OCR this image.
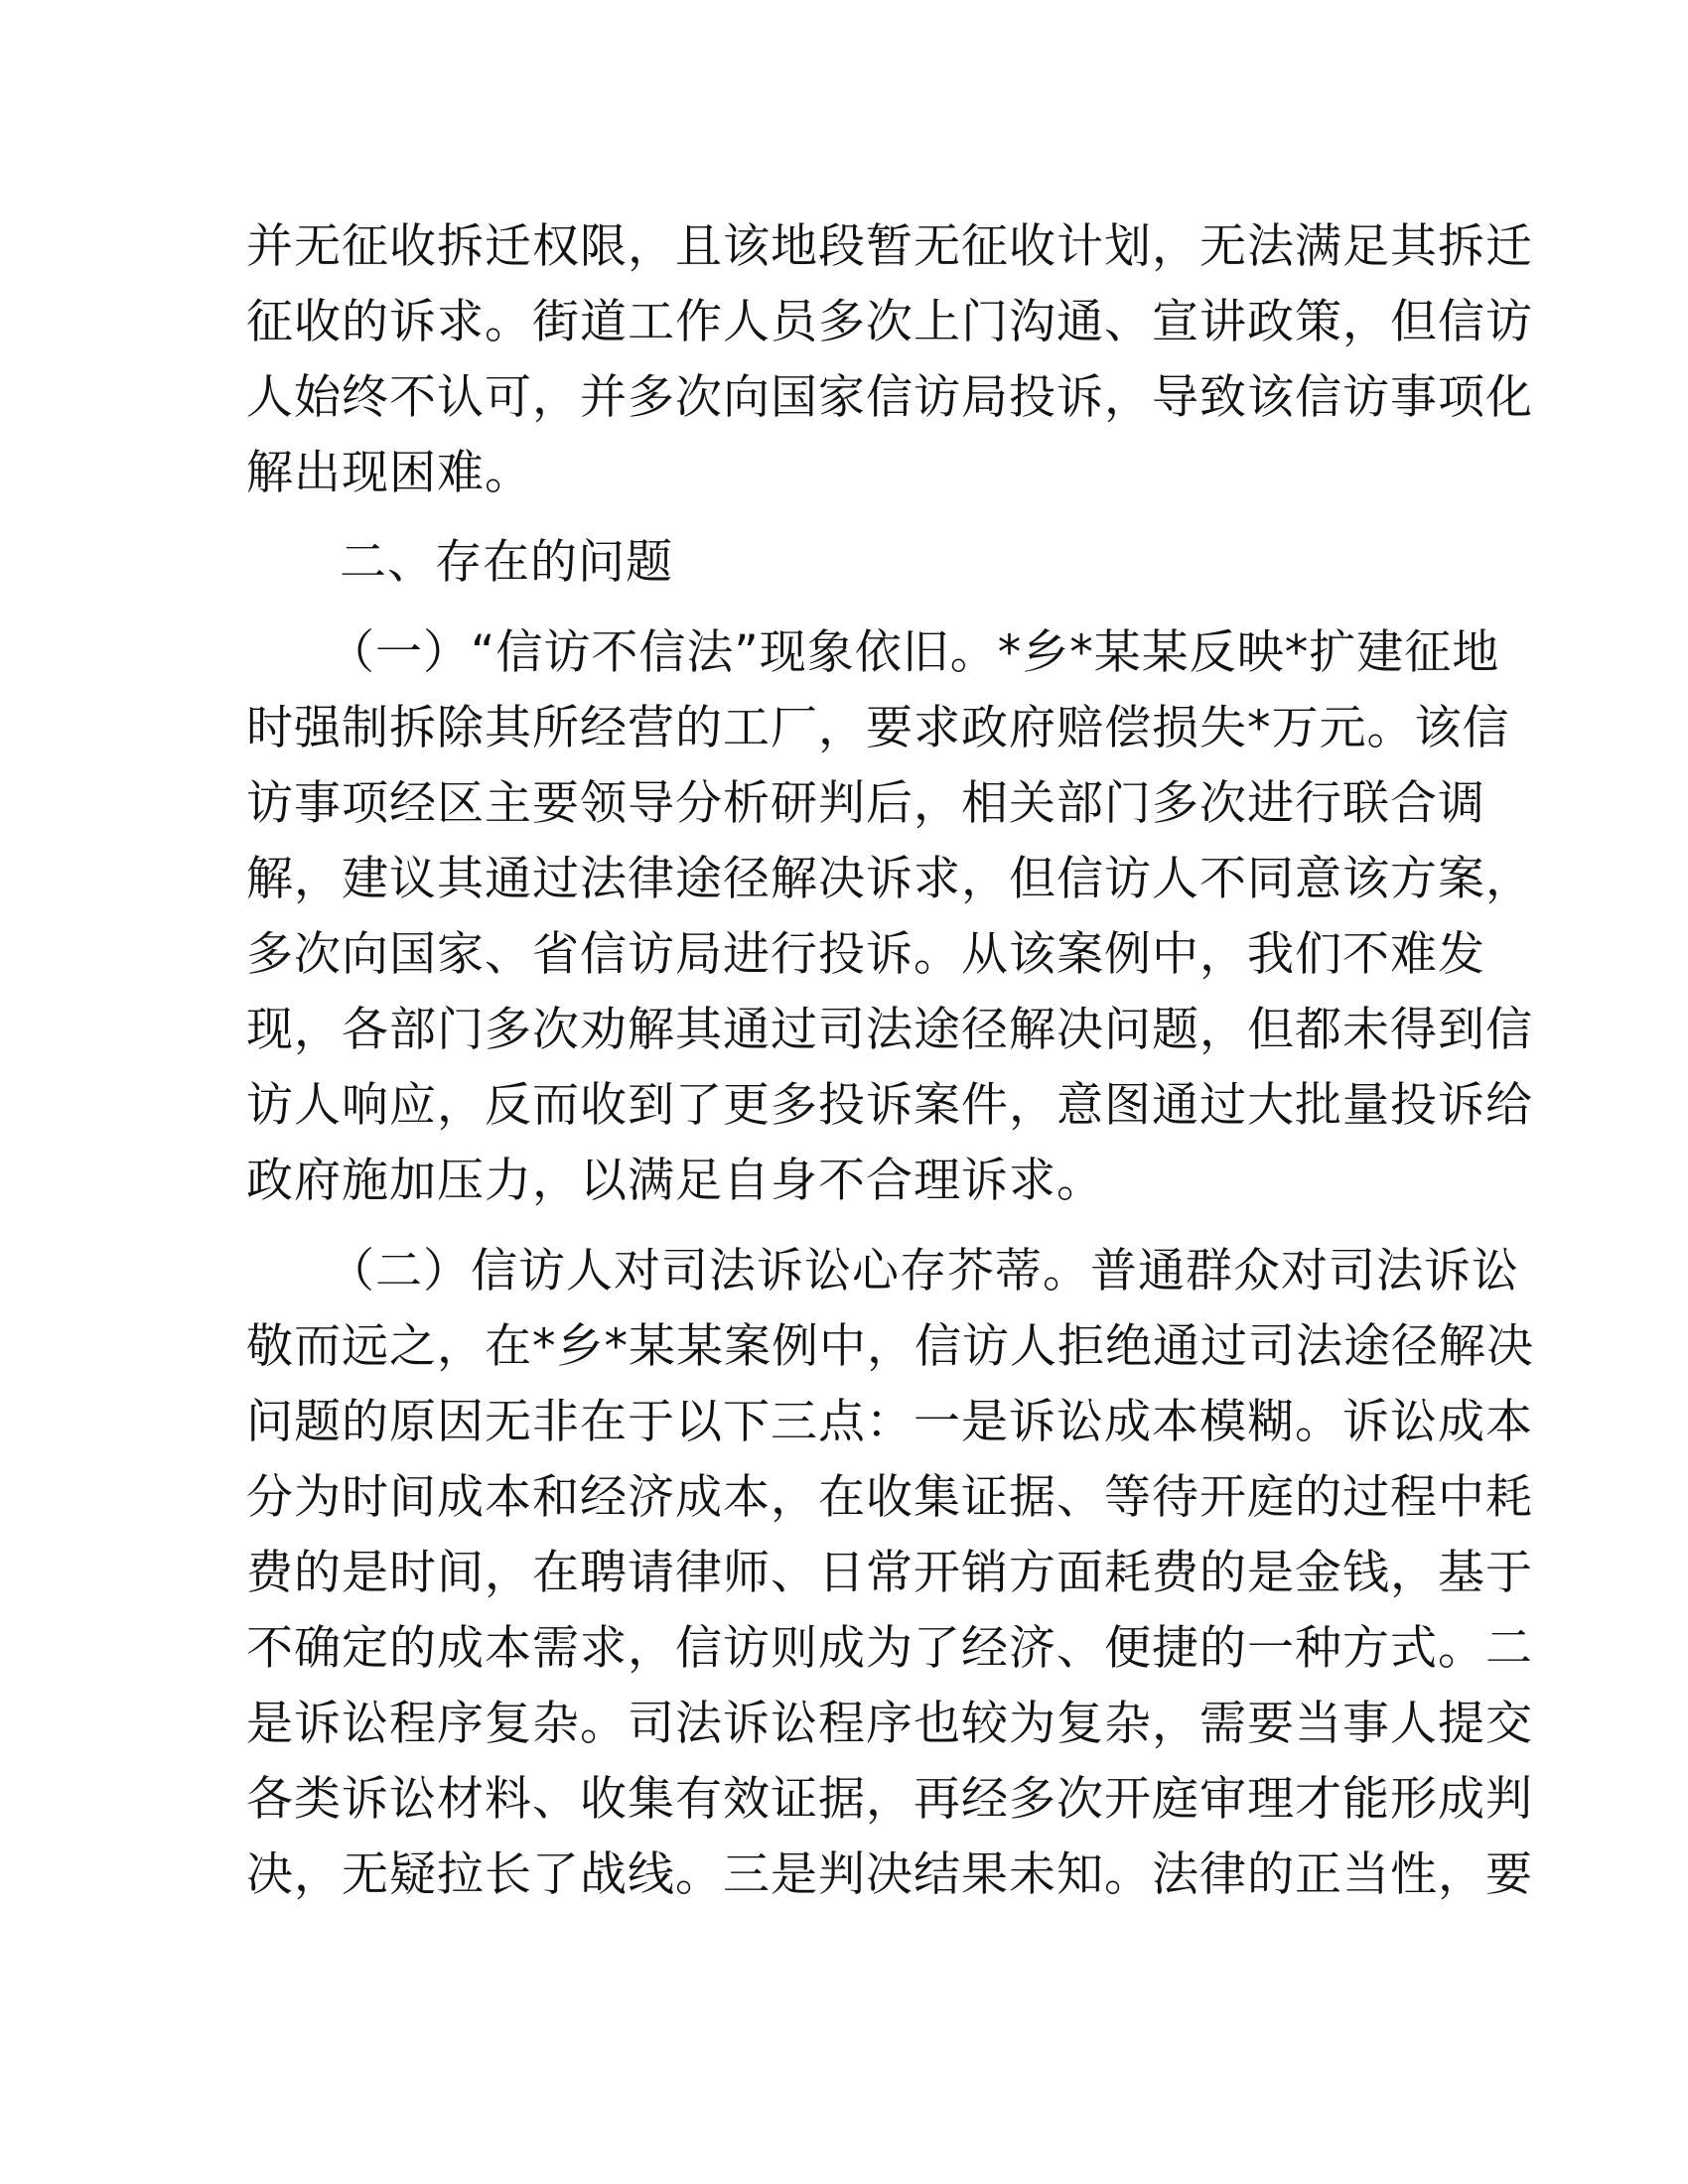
并无征收拆迁权限，且该地段暂无征收计划，无法满足其拆迁
征收的诉求。街道工作人员多次上门沟通、宣讲政策，但信访
人始终不认可，并多次向国家信访局投诉，导致该信访事项化
解出现困难。
二、存在的问题
（一）“信访不信法”现象依旧。*乡*某某反映*扩建征地
时强制拆除其所经营的工厂，要求政府赔偿损失*万元。该信
访事项经区主要领导分析研判后，相关部门多次进行联合调
解，建议其通过法律途径解决诉求，但信访人不同意该方案，
多次向国家、省信访局进行投诉。从该案例中，我们不难发
现，各部门多次劝解其通过司法途径解决问题，但都未得到信
访人响应，反而收到了更多投诉案件，意图通过大批量投诉给
政府施加压力，以满足自身不合理诉求。
（二）信访人对司法诉讼心存芥蒂。普通群众对司法诉讼
敬而远之，在*乡*某某案例中，信访人拒绝通过司法途径解决
问题的原因无非在于以下三点：一是诉讼成本模糊。诉讼成本
分为时间成本和经济成本，在收集证据、等待开庭的过程中耗
费的是时间，在聘请律师、日常开销方面耗费的是金钱，基于
不确定的成本需求，信访则成为了经济、便捷的一种方式。二
是诉讼程序复杂。司法诉讼程序也较为复杂，需要当事人提交
各类诉讼材料、收集有效证据，再经多次开庭审理才能形成判
决，无疑拉长了战线。三是判决结果未知。法律的正当性，要
